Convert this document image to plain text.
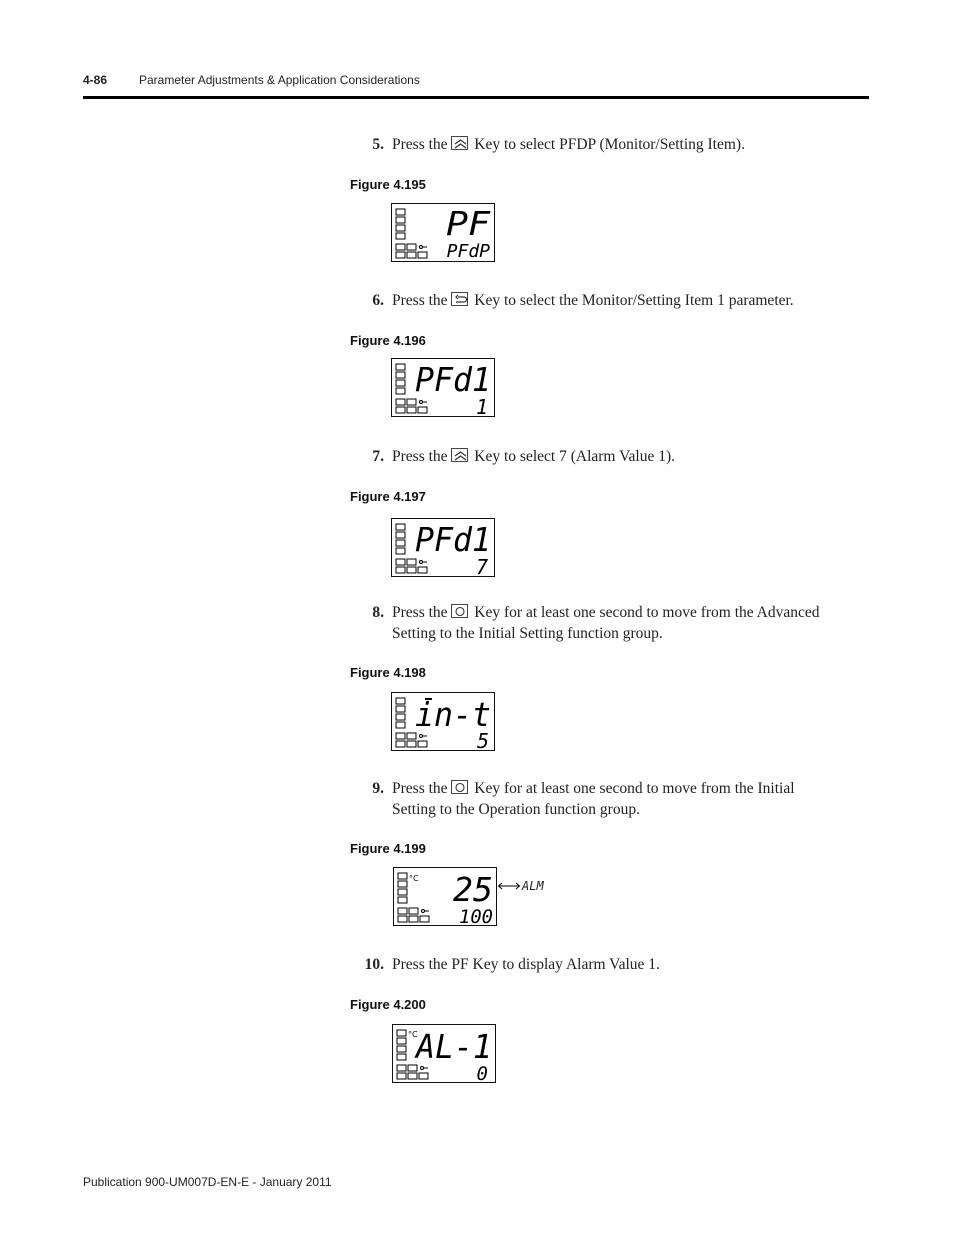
4-86	Parameter Adjustments & Application Considerations
5. Press the Key to select PFDP (Monitor/Setting Item).
Figure 4.195
PF
PFdP
6. Press the Key to select the Monitor/Setting Item 1 parameter.
Figure 4.196
PFd1
1
7. Press the Key to select 7 (Alarm Value 1).
Figure 4.197
PFd1
7
8. Press the Key for at least one second to move from the Advanced
Setting to the Initial Setting function group.
Figure 4.198
in-t
5
9. Press the Key for at least one second to move from the Initial
Setting to the Operation function group.
Figure 4.199
°C 25
100
ALM
10. Press the PF Key to display Alarm Value 1.
Figure 4.200
°C
AL-1
0
Publication 900-UM007D-EN-E - January 2011
